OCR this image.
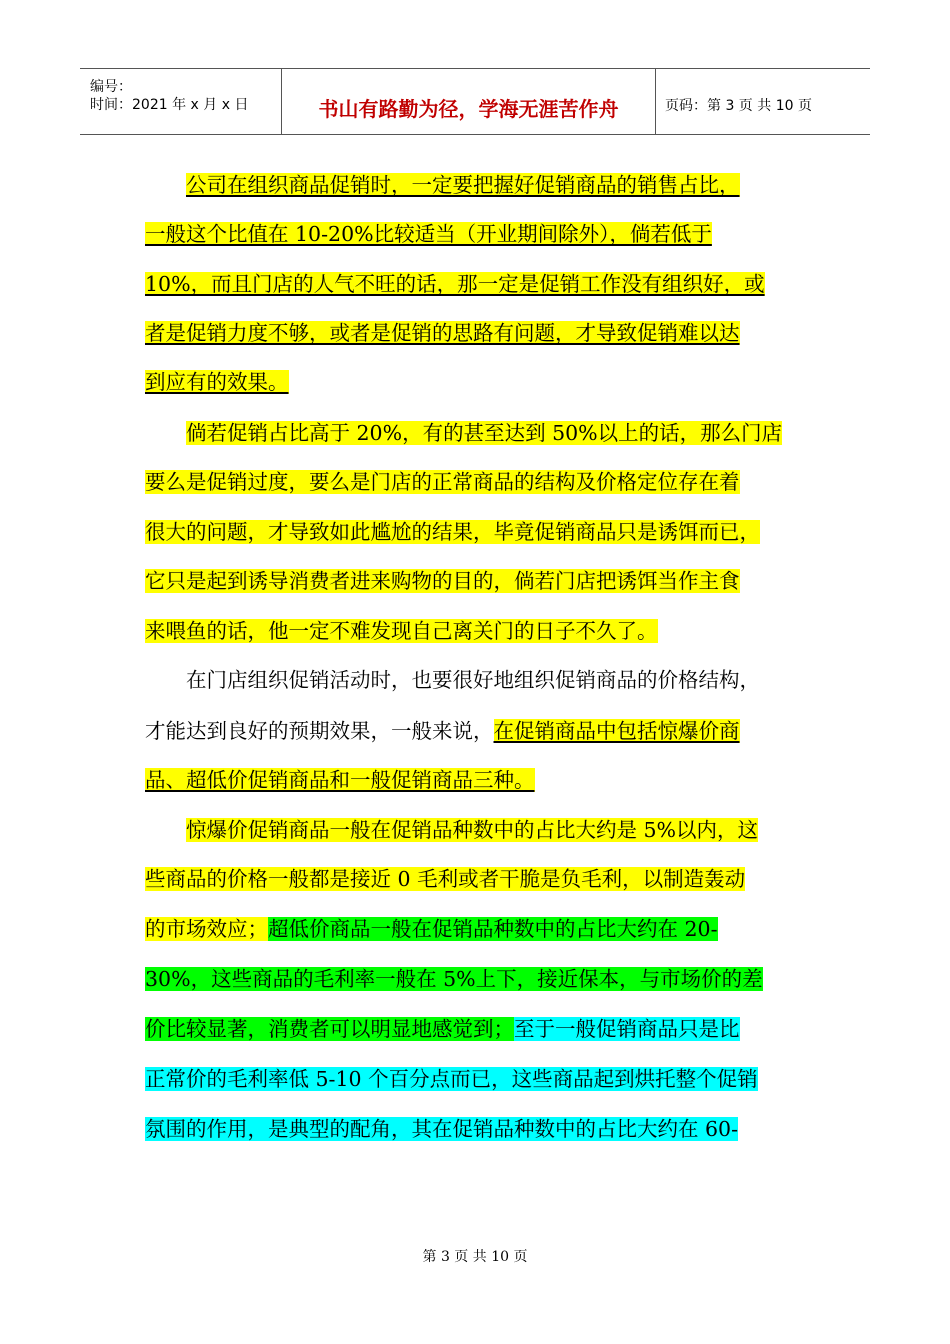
编号：
时间：2021 年 x 月 x 日	书山有路勤为径，学海无涯苦作舟	页码：第 3 页 共 10 页
公司在组织商品促销时，一定要把握好促销商品的销售占比，
一般这个比值在 10-20%比较适当（开业期间除外），倘若低于
10%，而且门店的人气不旺的话，那一定是促销工作没有组织好，或
者是促销力度不够，或者是促销的思路有问题，才导致促销难以达
到应有的效果。
倘若促销占比高于 20%，有的甚至达到 50%以上的话，那么门店
要么是促销过度，要么是门店的正常商品的结构及价格定位存在着
很大的问题，才导致如此尴尬的结果，毕竟促销商品只是诱饵而已，
它只是起到诱导消费者进来购物的目的，倘若门店把诱饵当作主食
来喂鱼的话，他一定不难发现自己离关门的日子不久了。
在门店组织促销活动时，也要很好地组织促销商品的价格结构，
才能达到良好的预期效果，一般来说，在促销商品中包括惊爆价商
品、超低价促销商品和一般促销商品三种。
惊爆价促销商品一般在促销品种数中的占比大约是 5%以内，这
些商品的价格一般都是接近 0 毛利或者干脆是负毛利，以制造轰动
的市场效应；超低价商品一般在促销品种数中的占比大约在 20-
30%，这些商品的毛利率一般在 5%上下，接近保本，与市场价的差
价比较显著，消费者可以明显地感觉到；至于一般促销商品只是比
正常价的毛利率低 5-10 个百分点而已，这些商品起到烘托整个促销
氛围的作用，是典型的配角，其在促销品种数中的占比大约在 60-
第 3 页 共 10 页
